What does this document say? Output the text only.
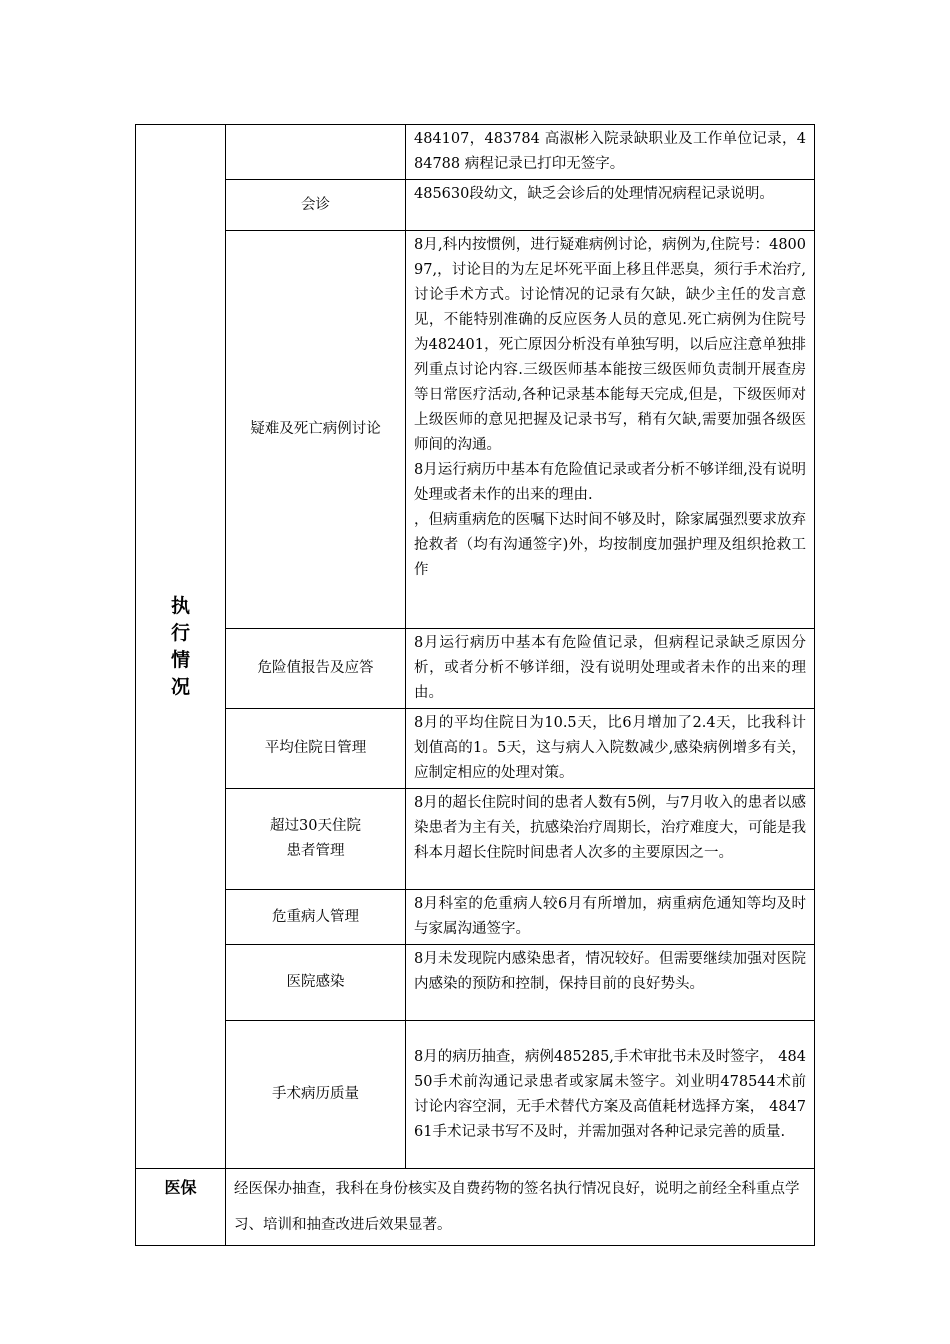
执行情况		484107，483784 高淑彬入院录缺职业及工作单位记录，484788 病程记录已打印无签字。

	会诊	485630段幼文，缺乏会诊后的处理情况病程记录说明。

	疑难及死亡病例讨论	8月,科内按惯例，进行疑难病例讨论，病例为,住院号：480097,，讨论目的为左足坏死平面上移且伴恶臭，须行手术治疗,讨论手术方式。讨论情况的记录有欠缺，缺少主任的发言意见，不能特别准确的反应医务人员的意见.死亡病例为住院号为482401，死亡原因分析没有单独写明，以后应注意单独排列重点讨论内容.三级医师基本能按三级医师负责制开展查房等日常医疗活动,各种记录基本能每天完成,但是，下级医师对上级医师的意见把握及记录书写，稍有欠缺,需要加强各级医师间的沟通。
8月运行病历中基本有危险值记录或者分析不够详细,没有说明处理或者未作的出来的理由.
，但病重病危的医嘱下达时间不够及时，除家属强烈要求放弃抢救者（均有沟通签字)外，均按制度加强护理及组织抢救工作

	危险值报告及应答	8月运行病历中基本有危险值记录，但病程记录缺乏原因分析，或者分析不够详细，没有说明处理或者未作的出来的理由。

	平均住院日管理	8月的平均住院日为10.5天，比6月增加了2.4天，比我科计划值高的1。5天，这与病人入院数减少,感染病例增多有关，应制定相应的处理对策。

	超过30天住院
患者管理	8月的超长住院时间的患者人数有5例，与7月收入的患者以感染患者为主有关，抗感染治疗周期长，治疗难度大，可能是我科本月超长住院时间患者人次多的主要原因之一。

	危重病人管理	8月科室的危重病人较6月有所增加，病重病危通知等均及时与家属沟通签字。

	医院感染	8月未发现院内感染患者，情况较好。但需要继续加强对医院内感染的预防和控制，保持目前的良好势头。

	手术病历质量	8月的病历抽查，病例485285,手术审批书未及时签字， 48450手术前沟通记录患者或家属未签字。刘业明478544术前讨论内容空洞，无手术替代方案及高值耗材选择方案， 484761手术记录书写不及时，并需加强对各种记录完善的质量.

医保	经医保办抽查，我科在身份核实及自费药物的签名执行情况良好，说明之前经全科重点学习、培训和抽查改进后效果显著。	
